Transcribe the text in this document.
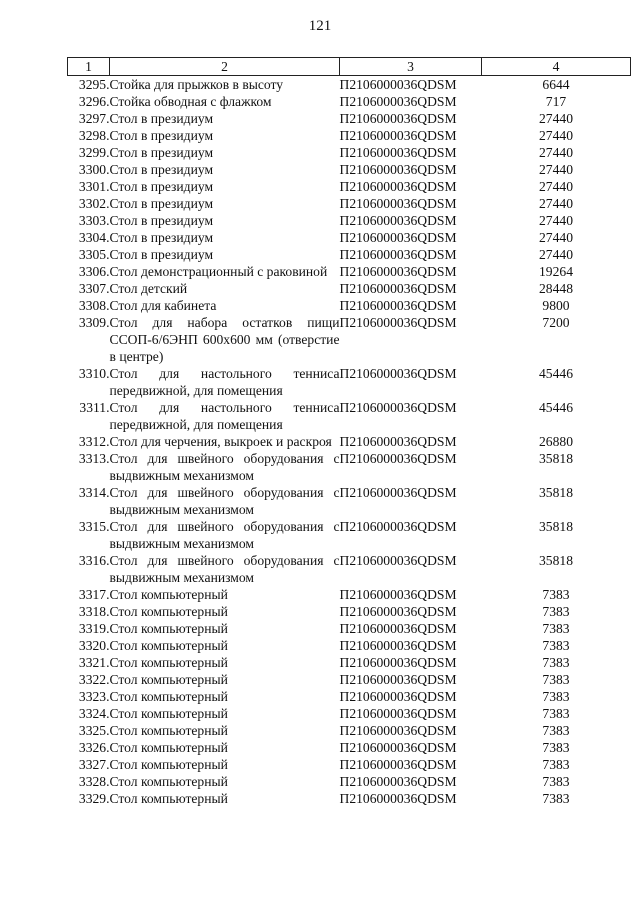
121
1	2	3	4
3295.	Стойка для прыжков в высоту	П2106000036QDSM	6644
3296.	Стойка обводная с флажком	П2106000036QDSM	717
3297.	Стол в президиум	П2106000036QDSM	27440
3298.	Стол в президиум	П2106000036QDSM	27440
3299.	Стол в президиум	П2106000036QDSM	27440
3300.	Стол в президиум	П2106000036QDSM	27440
3301.	Стол в президиум	П2106000036QDSM	27440
3302.	Стол в президиум	П2106000036QDSM	27440
3303.	Стол в президиум	П2106000036QDSM	27440
3304.	Стол в президиум	П2106000036QDSM	27440
3305.	Стол в президиум	П2106000036QDSM	27440
3306.	Стол демонстрационный с раковиной	П2106000036QDSM	19264
3307.	Стол детский	П2106000036QDSM	28448
3308.	Стол для кабинета	П2106000036QDSM	9800
3309.	Стол для набора остатков пищи ССОП-6/6ЭНП 600х600 мм (отверстие в центре)	П2106000036QDSM	7200
3310.	Стол для настольного тенниса передвижной, для помещения	П2106000036QDSM	45446
3311.	Стол для настольного тенниса передвижной, для помещения	П2106000036QDSM	45446
3312.	Стол для черчения, выкроек и раскроя	П2106000036QDSM	26880
3313.	Стол для швейного оборудования с выдвижным механизмом	П2106000036QDSM	35818
3314.	Стол для швейного оборудования с выдвижным механизмом	П2106000036QDSM	35818
3315.	Стол для швейного оборудования с выдвижным механизмом	П2106000036QDSM	35818
3316.	Стол для швейного оборудования с выдвижным механизмом	П2106000036QDSM	35818
3317.	Стол компьютерный	П2106000036QDSM	7383
3318.	Стол компьютерный	П2106000036QDSM	7383
3319.	Стол компьютерный	П2106000036QDSM	7383
3320.	Стол компьютерный	П2106000036QDSM	7383
3321.	Стол компьютерный	П2106000036QDSM	7383
3322.	Стол компьютерный	П2106000036QDSM	7383
3323.	Стол компьютерный	П2106000036QDSM	7383
3324.	Стол компьютерный	П2106000036QDSM	7383
3325.	Стол компьютерный	П2106000036QDSM	7383
3326.	Стол компьютерный	П2106000036QDSM	7383
3327.	Стол компьютерный	П2106000036QDSM	7383
3328.	Стол компьютерный	П2106000036QDSM	7383
3329.	Стол компьютерный	П2106000036QDSM	7383
